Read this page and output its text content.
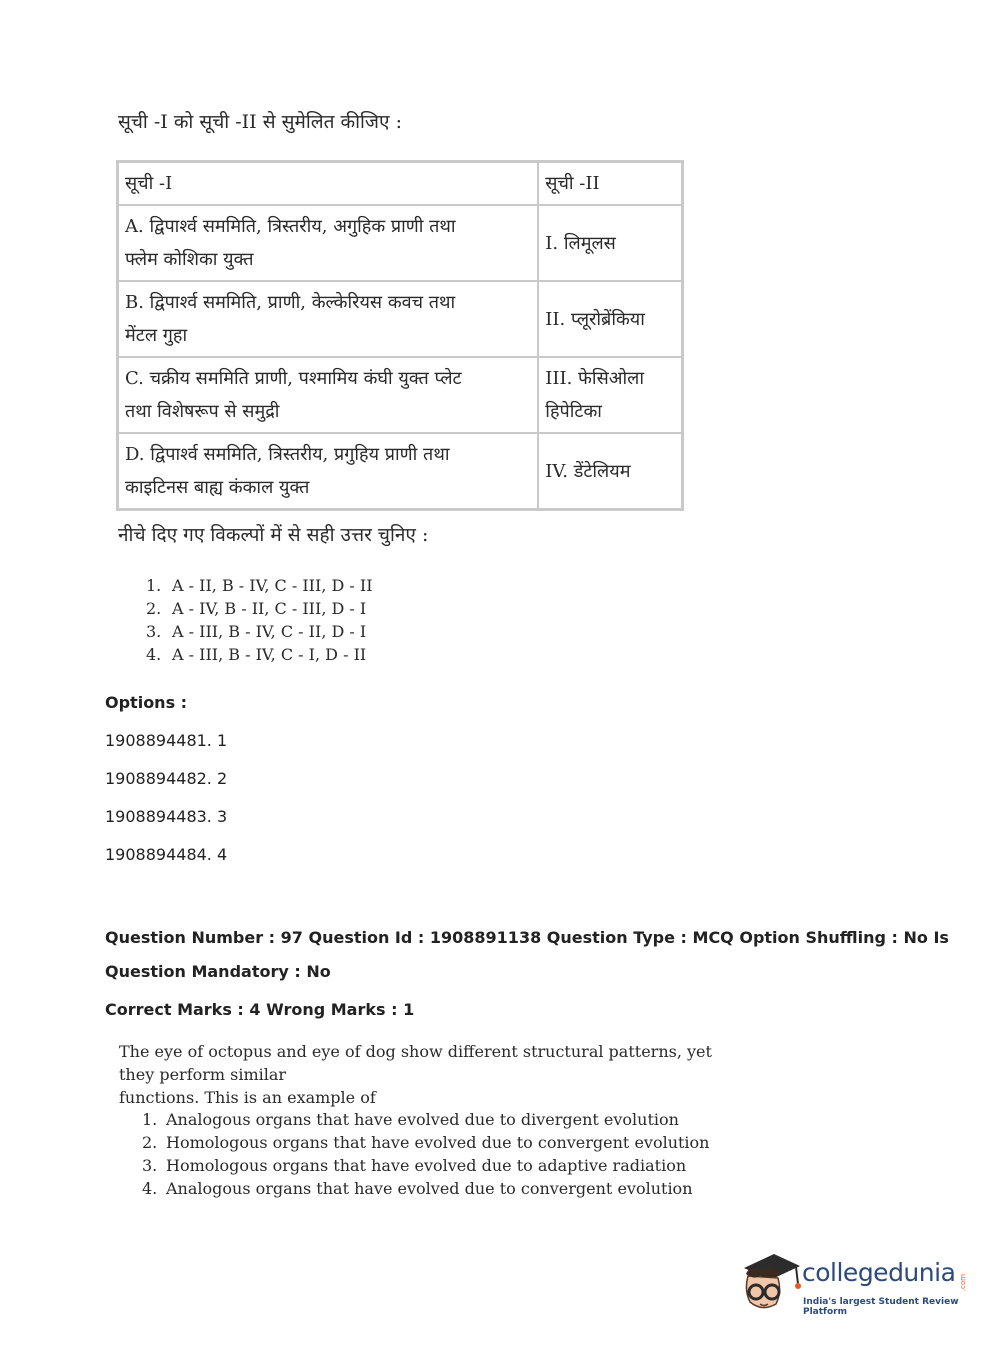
सूची -I को सूची -II से सुमेलित कीजिए :
सूची -I	सूची -II
A. द्विपार्श्व सममिति, त्रिस्तरीय, अगुहिक प्राणी तथा
फ्लेम कोशिका युक्त	I. लिमूलस
B. द्विपार्श्व सममिति, प्राणी, केल्केरियस कवच तथा
मेंटल गुहा	II. प्लूरोब्रेंकिया
C. चक्रीय सममिति प्राणी, पश्मामिय कंघी युक्त प्लेट
तथा विशेषरूप से समुद्री	III. फेसिओला
हिपेटिका
D. द्विपार्श्व सममिति, त्रिस्तरीय, प्रगुहिय प्राणी तथा
काइटिनस बाह्य कंकाल युक्त	IV. डेंटेलियम
नीचे दिए गए विकल्पों में से सही उत्तर चुनिए :
1. A - II, B - IV, C - III, D - II
2. A - IV, B - II, C - III, D - I
3. A - III, B - IV, C - II, D - I
4. A - III, B - IV, C - I, D - II
Options :
1908894481. 1
1908894482. 2
1908894483. 3
1908894484. 4
Question Number : 97 Question Id : 1908891138 Question Type : MCQ Option Shuffling : No Is
Question Mandatory : No
Correct Marks : 4 Wrong Marks : 1
The eye of octopus and eye of dog show different structural patterns, yet they perform similar
functions. This is an example of
1. Analogous organs that have evolved due to divergent evolution
2. Homologous organs that have evolved due to convergent evolution
3. Homologous organs that have evolved due to adaptive radiation
4. Analogous organs that have evolved due to convergent evolution
collegedunia .com
India's largest Student Review Platform
